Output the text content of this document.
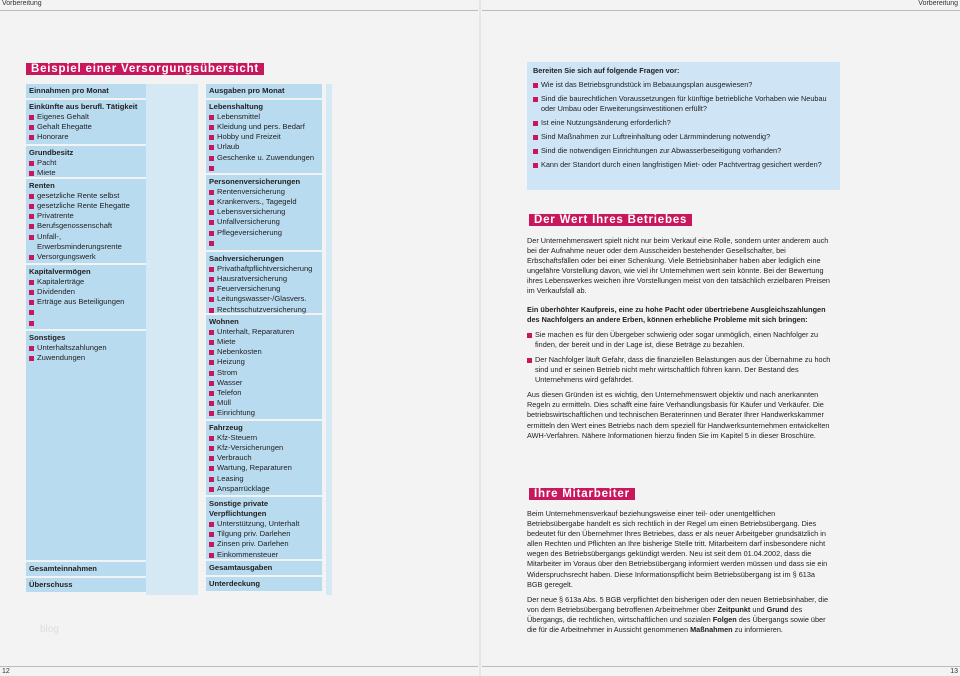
Vorbereitung	Vorbereitung
Beispiel einer Versorgungsübersicht
Einnahmen pro Monat
Einkünfte aus berufl. Tätigkeit
Eigenes Gehalt
Gehalt Ehegatte
Honorare
Grundbesitz
Pacht
Miete
Renten
gesetzliche Rente selbst
gesetzliche Rente Ehegatte
Privatrente
Berufsgenossenschaft
Unfall-,
Erwerbsminderungsrente
Versorgungswerk
Kapitalvermögen
Kapitalerträge
Dividenden
Erträge aus Beteiligungen

Sonstiges
Unterhaltszahlungen
Zuwendungen
Gesamteinnahmen
Überschuss
Ausgaben pro Monat
Lebenshaltung
Lebensmittel
Kleidung und pers. Bedarf
Hobby und Freizeit
Urlaub
Geschenke u. Zuwendungen

Personenversicherungen
Rentenversicherung
Krankenvers., Tagegeld
Lebensversicherung
Unfallversicherung
Pflegeversicherung

Sachversicherungen
Privathaftpflichtversicherung
Hausratversicherung
Feuerversicherung
Leitungswasser-/Glasvers.
Rechtsschutzversicherung
Wohnen
Unterhalt, Reparaturen
Miete
Nebenkosten
Heizung
Strom
Wasser
Telefon
Müll
Einrichtung
Fahrzeug
Kfz-Steuern
Kfz-Versicherungen
Verbrauch
Wartung, Reparaturen
Leasing
Ansparrücklage
Sonstige private Verpflichtungen
Unterstützung, Unterhalt
Tilgung priv. Darlehen
Zinsen priv. Darlehen
Einkommensteuer
Gesamtausgaben
Unterdeckung
blog
Bereiten Sie sich auf folgende Fragen vor:
Wie ist das Betriebsgrundstück im Bebauungsplan ausgewiesen?
Sind die baurechtlichen Voraussetzungen für künftige betriebliche Vorhaben wie Neubau oder Umbau oder Erweiterungsinvestitionen erfüllt?
Ist eine Nutzungsänderung erforderlich?
Sind Maßnahmen zur Luftreinhaltung oder Lärmminderung notwendig?
Sind die notwendigen Einrichtungen zur Abwasserbeseitigung vorhanden?
Kann der Standort durch einen langfristigen Miet- oder Pachtvertrag gesichert werden?
Der Wert Ihres Betriebes

Der Unternehmenswert spielt nicht nur beim Verkauf eine Rolle, sondern unter anderem auch bei der Aufnahme neuer oder dem Ausscheiden bestehender Gesellschafter, bei Erbschaftsfällen oder bei einer Schenkung. Viele Betriebsinhaber haben aber lediglich eine ungefähre Vorstellung davon, wie viel ihr Unternehmen wert sein könnte. Bei der Bewertung ihres Lebenswerkes weichen ihre Vorstellungen meist von den tatsächlich erzielbaren Preisen im Verkaufsfall ab.

Ein überhöhter Kaufpreis, eine zu hohe Pacht oder übertriebene Ausgleichszahlungen des Nachfolgers an andere Erben, können erhebliche Probleme mit sich bringen:

Sie machen es für den Übergeber schwierig oder sogar unmöglich, einen Nachfolger zu finden, der bereit und in der Lage ist, diese Beträge zu bezahlen.

Der Nachfolger läuft Gefahr, dass die finanziellen Belastungen aus der Übernahme zu hoch sind und er seinen Betrieb nicht mehr wirtschaftlich führen kann. Der Bestand des Unternehmens wird gefährdet.

Aus diesen Gründen ist es wichtig, den Unternehmenswert objektiv und nach anerkannten Regeln zu ermitteln. Dies schafft eine faire Verhandlungsbasis für Käufer und Verkäufer. Die betriebswirtschaftlichen und technischen Beraterinnen und Berater Ihrer Handwerkskammer ermitteln den Wert eines Betriebs nach dem speziell für Handwerksunternehmen entwickelten AWH-Verfahren. Nähere Informationen hierzu finden Sie im Kapitel 5 in dieser Broschüre.

Ihre Mitarbeiter

Beim Unternehmensverkauf beziehungsweise einer teil- oder unentgeltlichen Betriebsübergabe handelt es sich rechtlich in der Regel um einen Betriebsübergang. Dies bedeutet für den Übernehmer Ihres Betriebes, dass er als neuer Arbeitgeber grundsätzlich in allen Rechten und Pflichten an Ihre bisherige Stelle tritt. Mitarbeitern darf insbesondere nicht wegen des Betriebsübergangs gekündigt werden. Neu ist seit dem 01.04.2002, dass die Mitarbeiter im Voraus über den Betriebsübergang informiert werden müssen und dass sie ein Widerspruchsrecht haben. Diese Informationspflicht beim Betriebsübergang ist im § 613a BGB geregelt.

Der neue § 613a Abs. 5 BGB verpflichtet den bisherigen oder den neuen Betriebsinhaber, die von dem Betriebsübergang betroffenen Arbeitnehmer über Zeitpunkt und Grund des Übergangs, die rechtlichen, wirtschaftlichen und sozialen Folgen des Übergangs sowie über die für die Arbeitnehmer in Aussicht genommenen Maßnahmen zu informieren.

12	13
